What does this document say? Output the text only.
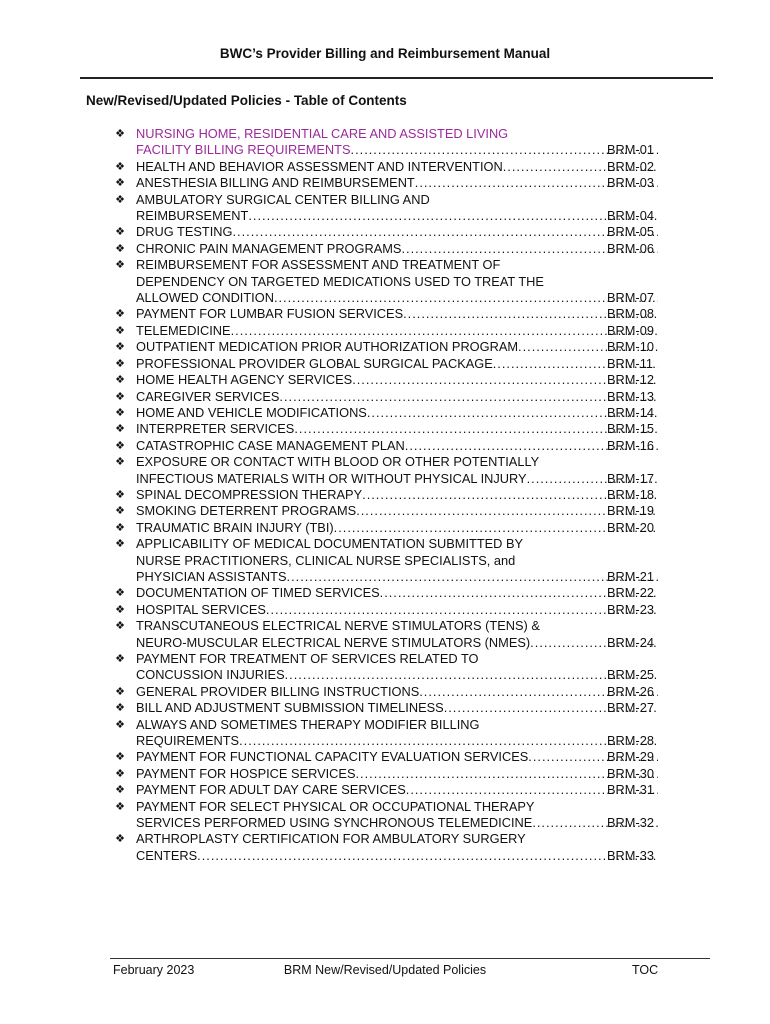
BWC’s Provider Billing and Reimbursement Manual
New/Revised/Updated Policies - Table of Contents
❖ NURSING HOME, RESIDENTIAL CARE AND ASSISTED LIVING
FACILITY BILLING REQUIREMENTS .....	BRM-01
❖ HEALTH AND BEHAVIOR ASSESSMENT AND INTERVENTION .....	BRM-02
❖ ANESTHESIA BILLING AND REIMBURSEMENT .....	BRM-03
❖ AMBULATORY SURGICAL CENTER BILLING AND
REIMBURSEMENT .....	BRM-04
❖ DRUG TESTING .....	BRM-05
❖ CHRONIC PAIN MANAGEMENT PROGRAMS .....	BRM-06
❖ REIMBURSEMENT FOR ASSESSMENT AND TREATMENT OF
DEPENDENCY ON TARGETED MEDICATIONS USED TO TREAT THE
ALLOWED CONDITION .....	BRM-07
❖ PAYMENT FOR LUMBAR FUSION SERVICES .....	BRM-08
❖ TELEMEDICINE .....	BRM-09
❖ OUTPATIENT MEDICATION PRIOR AUTHORIZATION PROGRAM .....	BRM-10
❖ PROFESSIONAL PROVIDER GLOBAL SURGICAL PACKAGE .....	BRM-11
❖ HOME HEALTH AGENCY SERVICES .....	BRM-12
❖ CAREGIVER SERVICES .....	BRM-13
❖ HOME AND VEHICLE MODIFICATIONS .....	BRM-14
❖ INTERPRETER SERVICES .....	BRM-15
❖ CATASTROPHIC CASE MANAGEMENT PLAN .....	BRM-16
❖ EXPOSURE OR CONTACT WITH BLOOD OR OTHER POTENTIALLY
INFECTIOUS MATERIALS WITH OR WITHOUT PHYSICAL INJURY .....	BRM-17
❖ SPINAL DECOMPRESSION THERAPY .....	BRM-18
❖ SMOKING DETERRENT PROGRAMS .....	BRM-19
❖ TRAUMATIC BRAIN INJURY (TBI) .....	BRM-20
❖ APPLICABILITY OF MEDICAL DOCUMENTATION SUBMITTED BY
NURSE PRACTITIONERS, CLINICAL NURSE SPECIALISTS, and
PHYSICIAN ASSISTANTS .....	BRM-21
❖ DOCUMENTATION OF TIMED SERVICES .....	BRM-22
❖ HOSPITAL SERVICES .....	BRM-23
❖ TRANSCUTANEOUS ELECTRICAL NERVE STIMULATORS (TENS) &
NEURO-MUSCULAR ELECTRICAL NERVE STIMULATORS (NMES) .....	BRM-24
❖ PAYMENT FOR TREATMENT OF SERVICES RELATED TO
CONCUSSION INJURIES .....	BRM-25
❖ GENERAL PROVIDER BILLING INSTRUCTIONS .....	BRM-26
❖ BILL AND ADJUSTMENT SUBMISSION TIMELINESS .....	BRM-27
❖ ALWAYS AND SOMETIMES THERAPY MODIFIER BILLING
REQUIREMENTS .....	BRM-28
❖ PAYMENT FOR FUNCTIONAL CAPACITY EVALUATION SERVICES .....	BRM-29
❖ PAYMENT FOR HOSPICE SERVICES .....	BRM-30
❖ PAYMENT FOR ADULT DAY CARE SERVICES .....	BRM-31
❖ PAYMENT FOR SELECT PHYSICAL OR OCCUPATIONAL THERAPY
SERVICES PERFORMED USING SYNCHRONOUS TELEMEDICINE .....	BRM-32
❖ ARTHROPLASTY CERTIFICATION FOR AMBULATORY SURGERY
CENTERS .....	BRM-33
February 2023	BRM New/Revised/Updated Policies	TOC
